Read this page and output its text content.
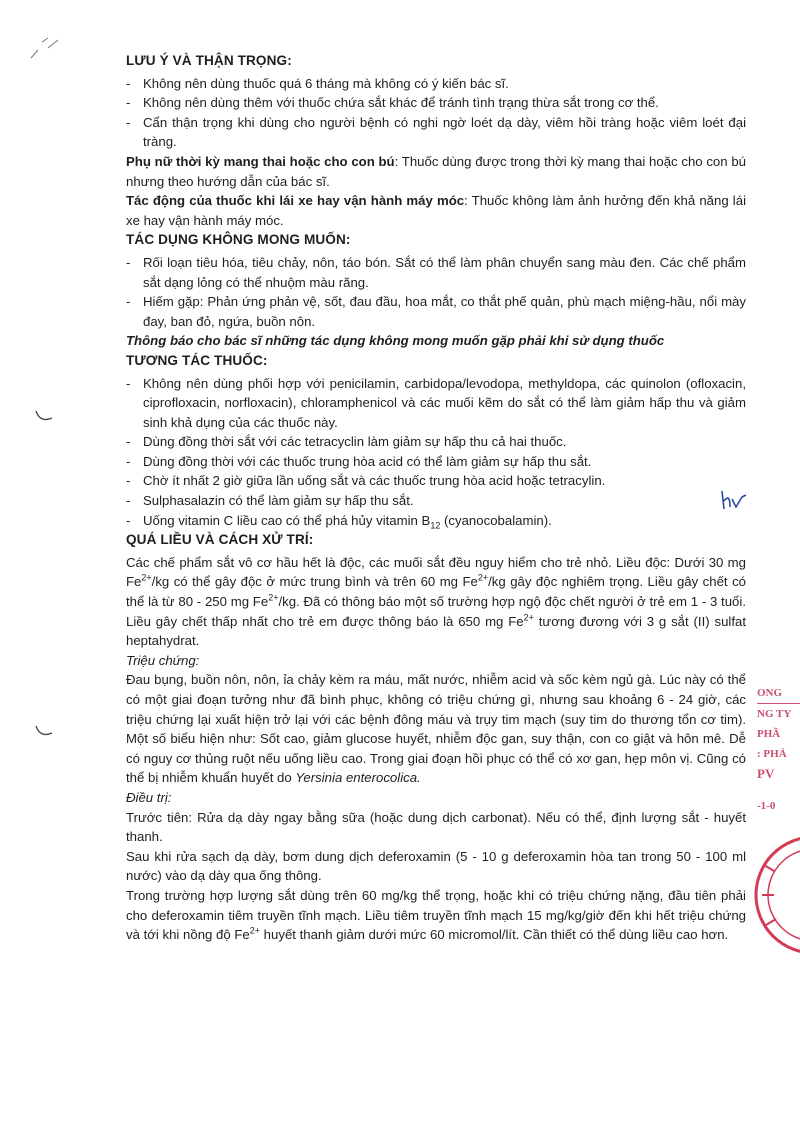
ONG
NG TY
PHẦ
: PHẢ
PV
-1-0
LƯU Ý VÀ THẬN TRỌNG:
- Không nên dùng thuốc quá 6 tháng mà không có ý kiến bác sĩ.
- Không nên dùng thêm với thuốc chứa sắt khác để tránh tình trạng thừa sắt trong cơ thể.
- Cẩn thận trọng khi dùng cho người bệnh có nghi ngờ loét dạ dày, viêm hồi tràng hoặc viêm loét đại tràng.
Phụ nữ thời kỳ mang thai hoặc cho con bú: Thuốc dùng được trong thời kỳ mang thai hoặc cho con bú nhưng theo hướng dẫn của bác sĩ.
Tác động của thuốc khi lái xe hay vận hành máy móc: Thuốc không làm ảnh hưởng đến khả năng lái xe hay vận hành máy móc.
TÁC DỤNG KHÔNG MONG MUỐN:
- Rối loạn tiêu hóa, tiêu chảy, nôn, táo bón. Sắt có thể làm phân chuyển sang màu đen. Các chế phẩm sắt dạng lỏng có thể nhuộm màu răng.
- Hiếm gặp: Phản ứng phản vệ, sốt, đau đầu, hoa mắt, co thắt phế quản, phù mạch miệng-hầu, nổi mày đay, ban đỏ, ngứa, buồn nôn.
Thông báo cho bác sĩ những tác dụng không mong muốn gặp phải khi sử dụng thuốc
TƯƠNG TÁC THUỐC:
- Không nên dùng phối hợp với penicilamin, carbidopa/levodopa, methyldopa, các quinolon (ofloxacin, ciprofloxacin, norfloxacin), chloramphenicol và các muối kẽm do sắt có thể làm giảm hấp thu và giảm sinh khả dụng của các thuốc này.
- Dùng đồng thời sắt với các tetracyclin làm giảm sự hấp thu cả hai thuốc.
- Dùng đồng thời với các thuốc trung hòa acid có thể làm giảm sự hấp thu sắt.
- Chờ ít nhất 2 giờ giữa lần uống sắt và các thuốc trung hòa acid hoặc tetracylin.
- Sulphasalazin có thể làm giảm sự hấp thu sắt.
- Uống vitamin C liều cao có thể phá hủy vitamin $B_{12}$ (cyanocobalamin).
QUÁ LIỀU VÀ CÁCH XỬ TRÍ:
Các chế phẩm sắt vô cơ hầu hết là độc, các muối sắt đều nguy hiểm cho trẻ nhỏ. Liều độc: Dưới 30 mg $Fe^{2+}/kg$ có thể gây độc ở mức trung bình và trên 60 mg $Fe^{2+}/kg$ gây độc nghiêm trọng. Liều gây chết có thể là từ 80 - 250 mg $Fe^{2+}/kg$. Đã có thông báo một số trường hợp ngộ độc chết người ở trẻ em 1 - 3 tuổi. Liều gây chết thấp nhất cho trẻ em được thông báo là 650 mg $Fe^{2+}$ tương đương với 3 g sắt (II) sulfat heptahydrat.
Triệu chứng:
Đau bụng, buồn nôn, nôn, ỉa chảy kèm ra máu, mất nước, nhiễm acid và sốc kèm ngủ gà. Lúc này có thể có một giai đoạn tưởng như đã bình phục, không có triệu chứng gì, nhưng sau khoảng 6 - 24 giờ, các triệu chứng lại xuất hiện trở lại với các bệnh đông máu và trụy tim mạch (suy tim do thương tổn cơ tim). Một số biểu hiện như: Sốt cao, giảm glucose huyết, nhiễm độc gan, suy thận, con co giật và hôn mê. Dễ có nguy cơ thủng ruột nếu uống liều cao. Trong giai đoạn hồi phục có thể có xơ gan, hẹp môn vị. Cũng có thể bị nhiễm khuẩn huyết do Yersinia enterocolica.
Điều trị:
Trước tiên: Rửa dạ dày ngay bằng sữa (hoặc dung dịch carbonat). Nếu có thể, định lượng sắt - huyết thanh.
Sau khi rửa sạch dạ dày, bơm dung dịch deferoxamin (5 - 10 g deferoxamin hòa tan trong 50 - 100 ml nước) vào dạ dày qua ống thông.
Trong trường hợp lượng sắt dùng trên 60 mg/kg thể trọng, hoặc khi có triệu chứng nặng, đầu tiên phải cho deferoxamin tiêm truyền tĩnh mạch. Liều tiêm truyền tĩnh mạch 15 mg/kg/giờ đến khi hết triệu chứng và tới khi nồng độ $Fe^{2+}$ huyết thanh giảm dưới mức 60 micromol/lít. Cần thiết có thể dùng liều cao hơn.
